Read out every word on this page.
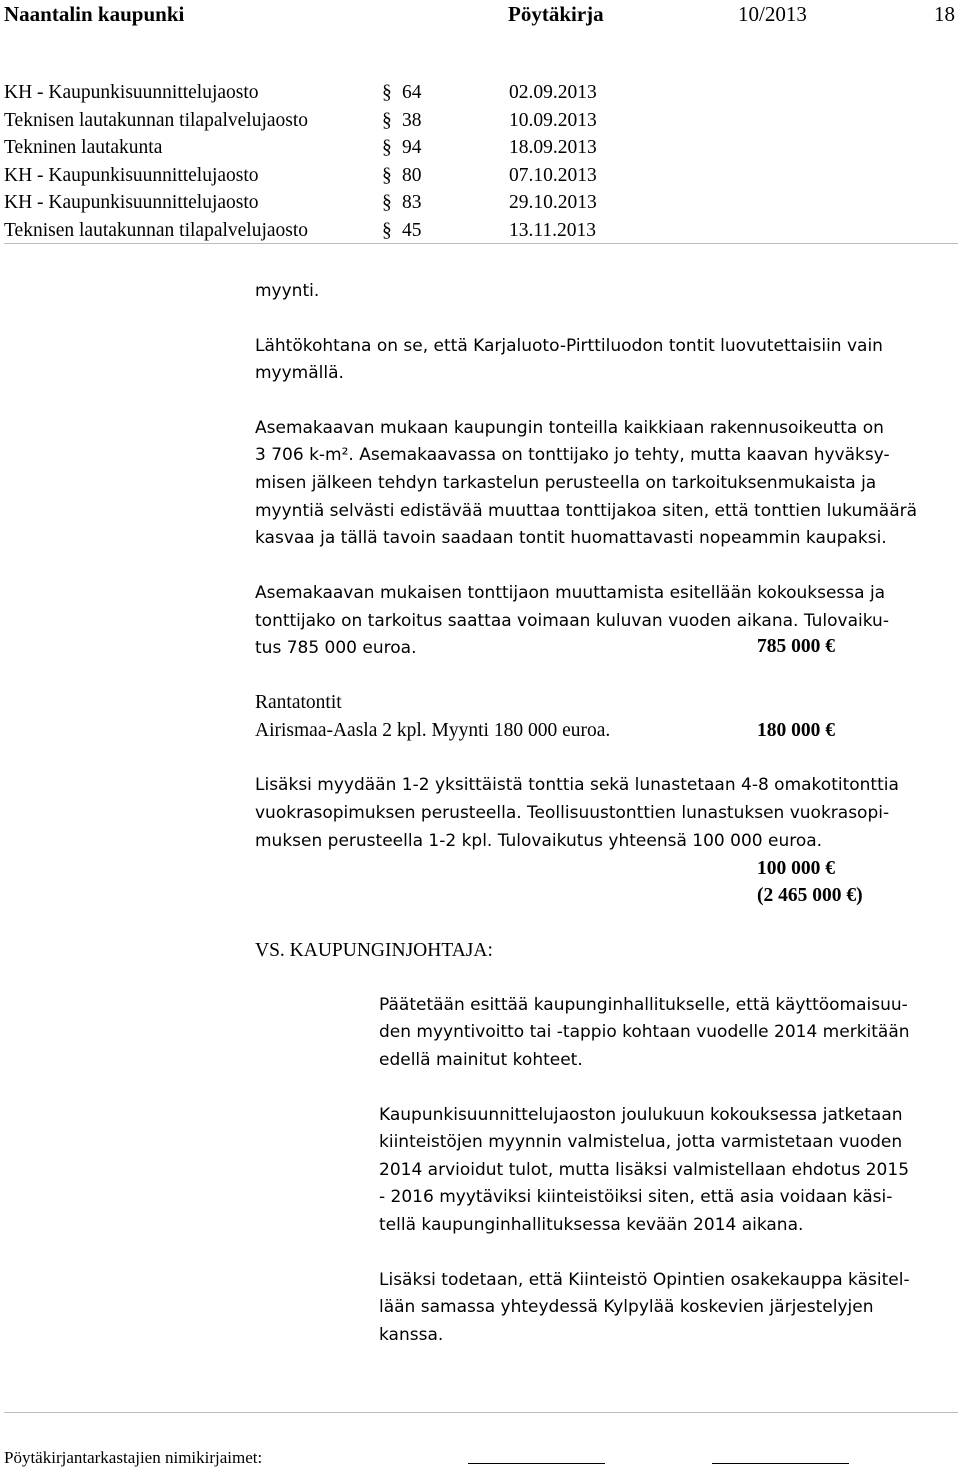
Naantalin kaupunki	Pöytäkirja	10/2013	18
KH - Kaupunkisuunnittelujaosto	§ 64	02.09.2013
Teknisen lautakunnan tilapalvelujaosto	§ 38	10.09.2013
Tekninen lautakunta	§ 94	18.09.2013
KH - Kaupunkisuunnittelujaosto	§ 80	07.10.2013
KH - Kaupunkisuunnittelujaosto	§ 83	29.10.2013
Teknisen lautakunnan tilapalvelujaosto	§ 45	13.11.2013
myynti.
Lähtökohtana on se, että Karjaluoto-Pirttiluodon tontit luovutettaisiin vain
myymällä.
Asemakaavan mukaan kaupungin tonteilla kaikkiaan rakennusoikeutta on
3 706 k-m². Asemakaavassa on tonttijako jo tehty, mutta kaavan hyväksy-
misen jälkeen tehdyn tarkastelun perusteella on tarkoituksenmukaista ja
myyntiä selvästi edistävää muuttaa tonttijakoa siten, että tonttien lukumäärä
kasvaa ja tällä tavoin saadaan tontit huomattavasti nopeammin kaupaksi.
Asemakaavan mukaisen tonttijaon muuttamista esitellään kokouksessa ja
tonttijako on tarkoitus saattaa voimaan kuluvan vuoden aikana. Tulovaiku-
tus 785 000 euroa.	785 000 €
Rantatontit
Airismaa-Aasla 2 kpl. Myynti 180 000 euroa.	180 000 €
Lisäksi myydään 1-2 yksittäistä tonttia sekä lunastetaan 4-8 omakotitonttia
vuokrasopimuksen perusteella. Teollisuustonttien lunastuksen vuokrasopi-
muksen perusteella 1-2 kpl. Tulovaikutus yhteensä 100 000 euroa.
100 000 €
(2 465 000 €)
VS. KAUPUNGINJOHTAJA:
Päätetään esittää kaupunginhallitukselle, että käyttöomaisuu-
den myyntivoitto tai -tappio kohtaan vuodelle 2014 merkitään
edellä mainitut kohteet.
Kaupunkisuunnittelujaoston joulukuun kokouksessa jatketaan
kiinteistöjen myynnin valmistelua, jotta varmistetaan vuoden
2014 arvioidut tulot, mutta lisäksi valmistellaan ehdotus 2015
- 2016 myytäviksi kiinteistöiksi siten, että asia voidaan käsi-
tellä kaupunginhallituksessa kevään 2014 aikana.
Lisäksi todetaan, että Kiinteistö Opintien osakekauppa käsitel-
lään samassa yhteydessä Kylpylää koskevien järjestelyjen
kanssa.
Pöytäkirjantarkastajien nimikirjaimet:
